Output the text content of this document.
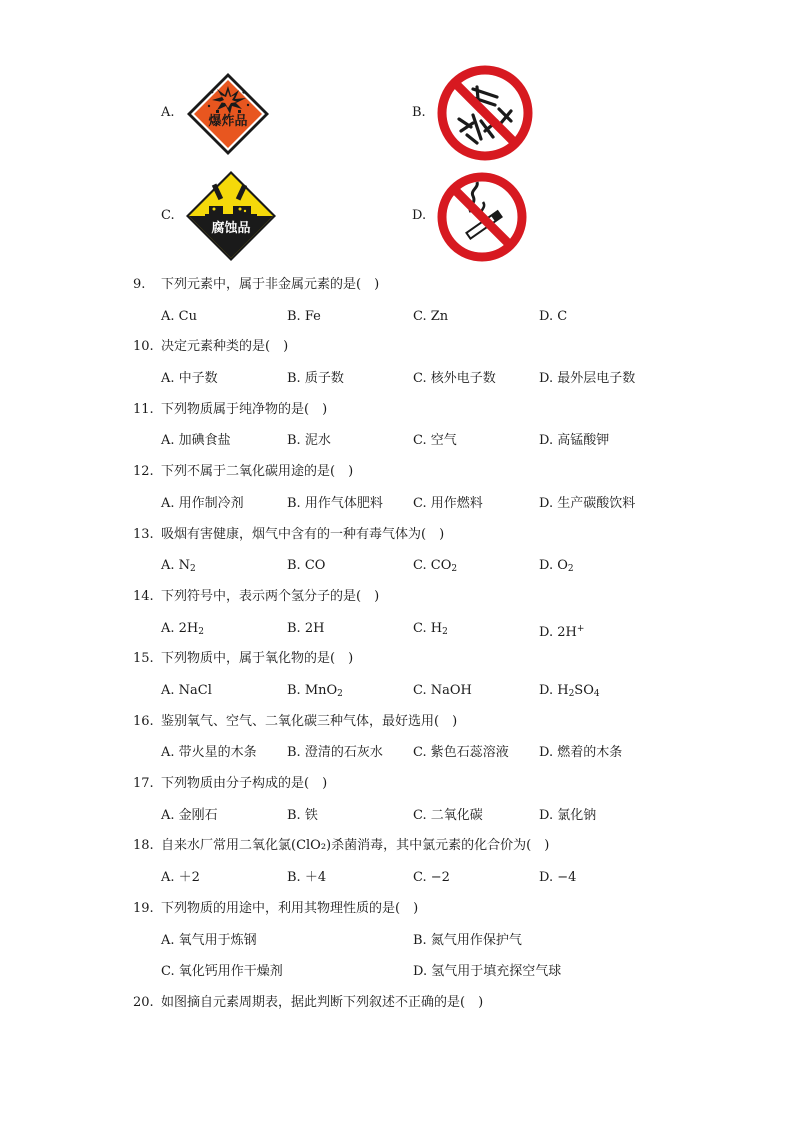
A.
爆炸品
B.
C.
腐蚀品
D.
9. 下列元素中，属于非金属元素的是(　)
A. Cu	B. Fe	C. Zn	D. C
10. 决定元素种类的是(　)
A. 中子数	B. 质子数	C. 核外电子数	D. 最外层电子数
11. 下列物质属于纯净物的是(　)
A. 加碘食盐	B. 泥水	C. 空气	D. 高锰酸钾
12. 下列不属于二氧化碳用途的是(　)
A. 用作制冷剂	B. 用作气体肥料 C. 用作燃料	D. 生产碳酸饮料
13. 吸烟有害健康，烟气中含有的一种有毒气体为(　)
A. $N_2$	B. CO	C. $CO_2$	D. $O_2$
14. 下列符号中，表示两个氢分子的是(　)
A. $2H_2$	B. 2H	C. $H_2$	D. 2H+
15. 下列物质中，属于氧化物的是(　)
A. NaCl	B. MnO$_2$	C. NaOH	D. $H_2SO_4$
16. 鉴别氧气、空气、二氧化碳三种气体，最好选用(　)
A. 带火星的木条 B. 澄清的石灰水 C. 紫色石蕊溶液 D. 燃着的木条
17. 下列物质由分子构成的是(　)
A. 金刚石	B. 铁	C. 二氧化碳	D. 氯化钠
18. 自来水厂常用二氧化氯(ClO₂)杀菌消毒，其中氯元素的化合价为(　)
A. ＋2	B. ＋4	C. −2	D. −4
19. 下列物质的用途中，利用其物理性质的是(　)
A. 氧气用于炼钢	B. 氮气用作保护气
C. 氧化钙用作干燥剂	D. 氢气用于填充探空气球
20. 如图摘自元素周期表，据此判断下列叙述不正确的是(　)
